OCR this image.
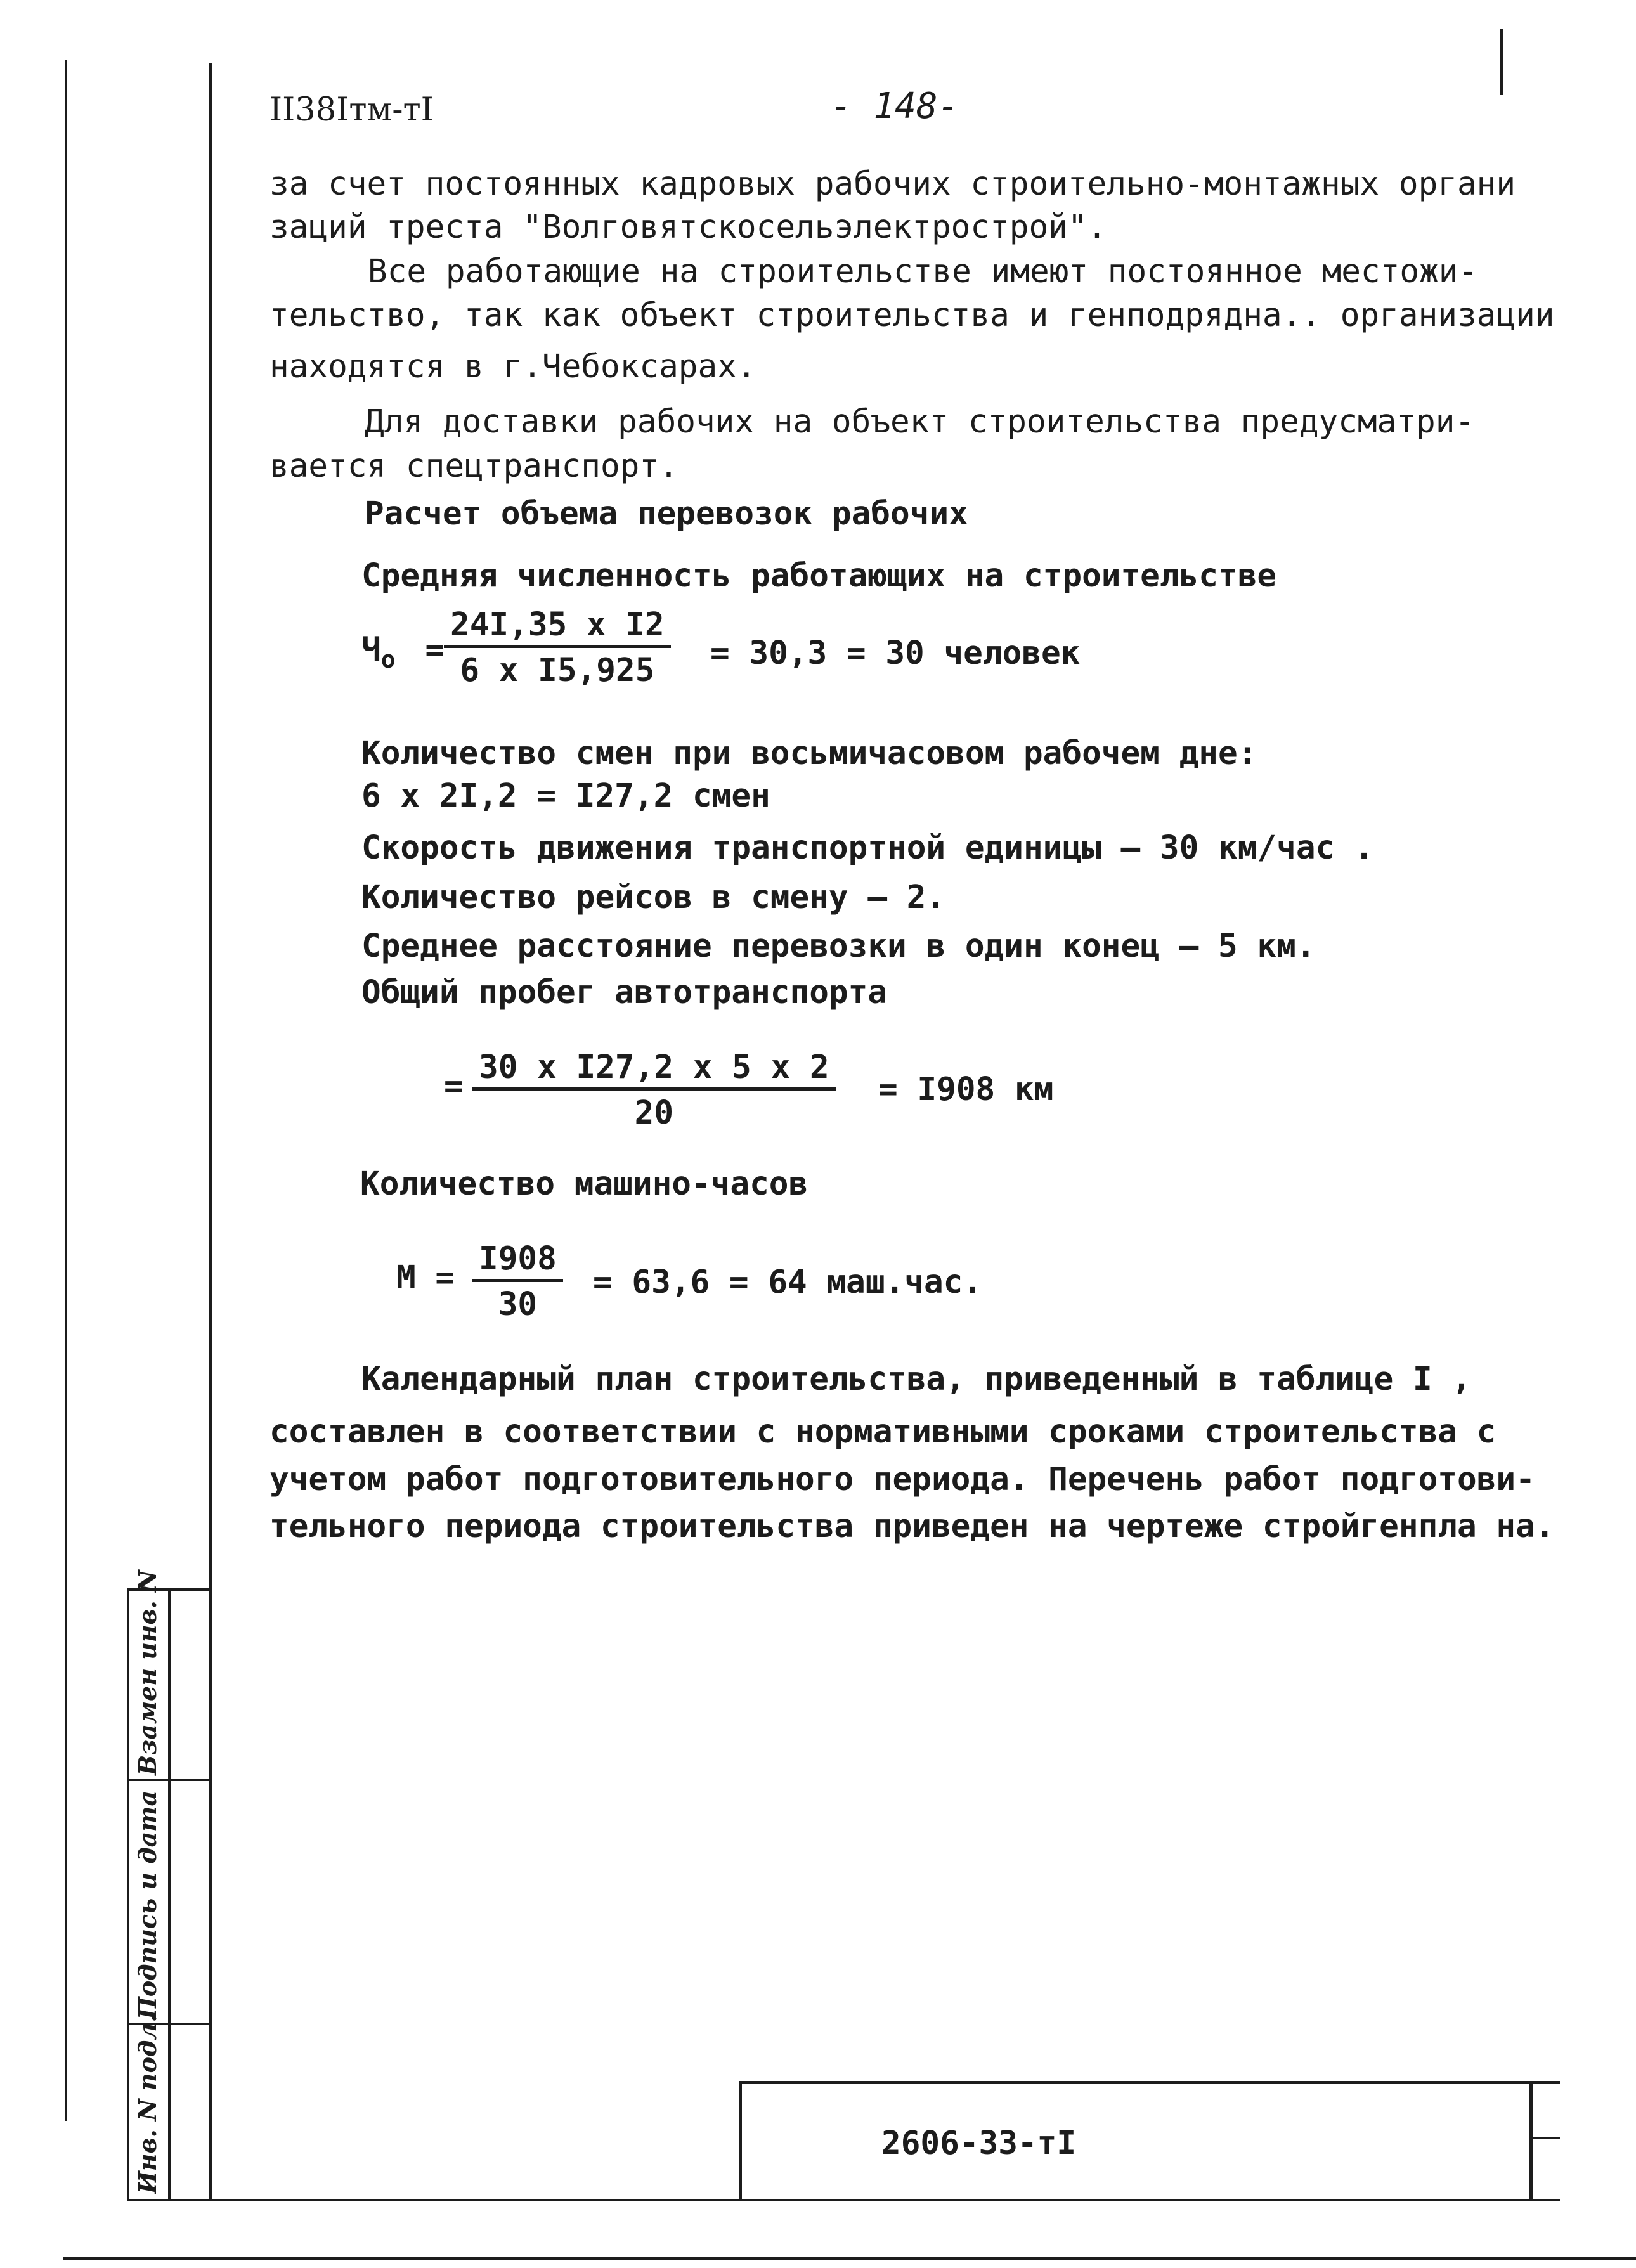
Взамен инв. N
Подпись и дата
Инв. N подл.	2606-33-тI
II38Iтм-тI	- 148-
за счет постоянных кадровых рабочих строительно-монтажных органи
заций треста "Волговятскосельэлектрострой".
Все работающие на строительстве имеют постоянное местожи-
тельство, так как объект строительства и генподрядна.. организации
находятся в г.Чебоксарах.
Для доставки рабочих на объект строительства предусматри-
вается спецтранспорт.
Расчет объема перевозок рабочих
Средняя численность работающих на строительстве
$Ч_о$ =
24I,35 х I2
6 х I5,925	= 30,3 = 30 человек
Количество смен при восьмичасовом рабочем дне:
6 х 2I,2 = I27,2 смен
Скорость движения транспортной единицы – 30 км/час .
Количество рейсов в смену – 2.
Среднее расстояние перевозки в один конец – 5 км.
Общий пробег автотранспорта
=
30 х I27,2 х 5 х 2
20
= I908 км
Количество машино-часов
$М = \frac{I908}{30} = 63,6 = 64$ маш.час.
Календарный план строительства, приведенный в таблице I ,
составлен в соответствии с нормативными сроками строительства с
учетом работ подготовительного периода. Перечень работ подготови-
тельного периода строительства приведен на чертеже стройгенпла на.
